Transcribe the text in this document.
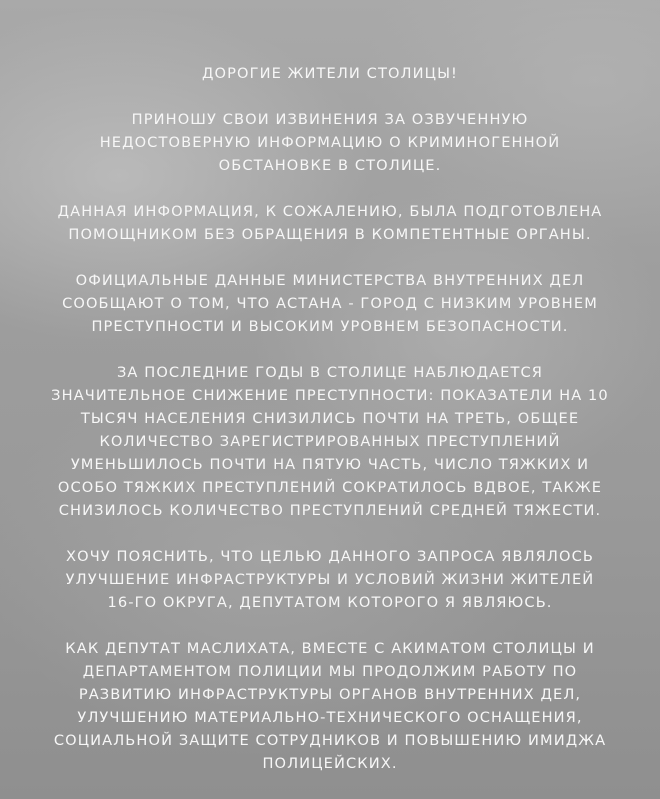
ДОРОГИЕ ЖИТЕЛИ СТОЛИЦЫ!

ПРИНОШУ СВОИ ИЗВИНЕНИЯ ЗА ОЗВУЧЕННУЮ
НЕДОСТОВЕРНУЮ ИНФОРМАЦИЮ О КРИМИНОГЕННОЙ
ОБСТАНОВКЕ В СТОЛИЦЕ.

ДАННАЯ ИНФОРМАЦИЯ, К СОЖАЛЕНИЮ, БЫЛА ПОДГОТОВЛЕНА
ПОМОЩНИКОМ БЕЗ ОБРАЩЕНИЯ В КОМПЕТЕНТНЫЕ ОРГАНЫ.

ОФИЦИАЛЬНЫЕ ДАННЫЕ МИНИСТЕРСТВА ВНУТРЕННИХ ДЕЛ
СООБЩАЮТ О ТОМ, ЧТО АСТАНА - ГОРОД С НИЗКИМ УРОВНЕМ
ПРЕСТУПНОСТИ И ВЫСОКИМ УРОВНЕМ БЕЗОПАСНОСТИ.

ЗА ПОСЛЕДНИЕ ГОДЫ В СТОЛИЦЕ НАБЛЮДАЕТСЯ
ЗНАЧИТЕЛЬНОЕ СНИЖЕНИЕ ПРЕСТУПНОСТИ: ПОКАЗАТЕЛИ НА 10
ТЫСЯЧ НАСЕЛЕНИЯ СНИЗИЛИСЬ ПОЧТИ НА ТРЕТЬ, ОБЩЕЕ
КОЛИЧЕСТВО ЗАРЕГИСТРИРОВАННЫХ ПРЕСТУПЛЕНИЙ
УМЕНЬШИЛОСЬ ПОЧТИ НА ПЯТУЮ ЧАСТЬ, ЧИСЛО ТЯЖКИХ И
ОСОБО ТЯЖКИХ ПРЕСТУПЛЕНИЙ СОКРАТИЛОСЬ ВДВОЕ, ТАКЖЕ
СНИЗИЛОСЬ КОЛИЧЕСТВО ПРЕСТУПЛЕНИЙ СРЕДНЕЙ ТЯЖЕСТИ.

ХОЧУ ПОЯСНИТЬ, ЧТО ЦЕЛЬЮ ДАННОГО ЗАПРОСА ЯВЛЯЛОСЬ
УЛУЧШЕНИЕ ИНФРАСТРУКТУРЫ И УСЛОВИЙ ЖИЗНИ ЖИТЕЛЕЙ
16-ГО ОКРУГА, ДЕПУТАТОМ КОТОРОГО Я ЯВЛЯЮСЬ.

КАК ДЕПУТАТ МАСЛИХАТА, ВМЕСТЕ С АКИМАТОМ СТОЛИЦЫ И
ДЕПАРТАМЕНТОМ ПОЛИЦИИ МЫ ПРОДОЛЖИМ РАБОТУ ПО
РАЗВИТИЮ ИНФРАСТРУКТУРЫ ОРГАНОВ ВНУТРЕННИХ ДЕЛ,
УЛУЧШЕНИЮ МАТЕРИАЛЬНО-ТЕХНИЧЕСКОГО ОСНАЩЕНИЯ,
СОЦИАЛЬНОЙ ЗАЩИТЕ СОТРУДНИКОВ И ПОВЫШЕНИЮ ИМИДЖА
ПОЛИЦЕЙСКИХ.
